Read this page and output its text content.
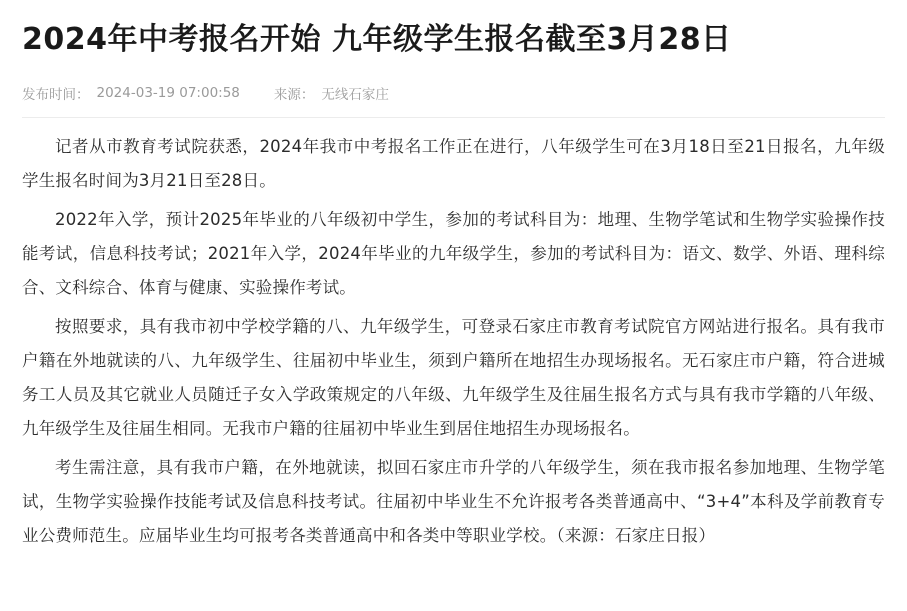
2024年中考报名开始 九年级学生报名截至3月28日
发布时间： 2024-03-19 07:00:58	来源： 无线石家庄

记者从市教育考试院获悉，2024年我市中考报名工作正在进行，八年级学生可在3月18日至21日报名，九年级学生报名时间为3月21日至28日。

2022年入学，预计2025年毕业的八年级初中学生，参加的考试科目为：地理、生物学笔试和生物学实验操作技能考试，信息科技考试；2021年入学，2024年毕业的九年级学生，参加的考试科目为：语文、数学、外语、理科综合、文科综合、体育与健康、实验操作考试。

按照要求，具有我市初中学校学籍的八、九年级学生，可登录石家庄市教育考试院官方网站进行报名。具有我市户籍在外地就读的八、九年级学生、往届初中毕业生，须到户籍所在地招生办现场报名。无石家庄市户籍，符合进城务工人员及其它就业人员随迁子女入学政策规定的八年级、九年级学生及往届生报名方式与具有我市学籍的八年级、九年级学生及往届生相同。无我市户籍的往届初中毕业生到居住地招生办现场报名。

考生需注意，具有我市户籍，在外地就读，拟回石家庄市升学的八年级学生，须在我市报名参加地理、生物学笔试，生物学实验操作技能考试及信息科技考试。往届初中毕业生不允许报考各类普通高中、“3+4”本科及学前教育专业公费师范生。应届毕业生均可报考各类普通高中和各类中等职业学校。（来源：石家庄日报）
